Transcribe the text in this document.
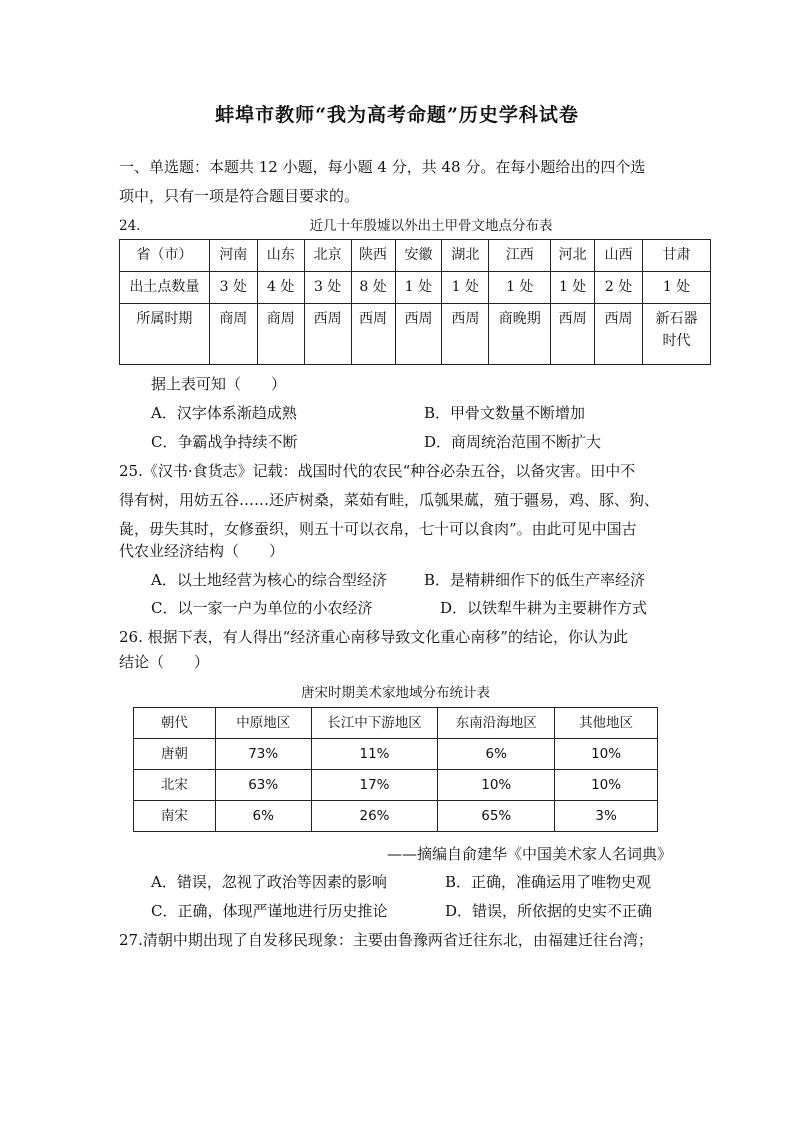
蚌埠市教师“我为高考命题”历史学科试卷
一、单选题：本题共 12 小题，每小题 4 分，共 48 分。在每小题给出的四个选
项中，只有一项是符合题目要求的。
24.	近几十年殷墟以外出土甲骨文地点分布表
省（市）	河南	山东	北京	陕西	安徽	湖北	江西	河北	山西	甘肃
出土点数量	3 处	4 处	3 处	8 处	1 处	1 处	1 处	1 处	2 处	1 处
所属时期	商周	商周	西周	西周	西周	西周	商晚期	西周	西周	新石器时代
据上表可知（　　）
A．汉字体系渐趋成熟	B．甲骨文数量不断增加
C．争霸战争持续不断	D．商周统治范围不断扩大
25.《汉书·食货志》记载：战国时代的农民“种谷必杂五谷，以备灾害。田中不
得有树，用妨五谷……还庐树桑，菜茹有畦，瓜瓠果蓏，殖于疆易，鸡、豚、狗、
彘，毋失其时，女修蚕织，则五十可以衣帛，七十可以食肉”。由此可见中国古
代农业经济结构（　　）
A．以土地经营为核心的综合型经济 B．是精耕细作下的低生产率经济
C．以一家一户为单位的小农经济	D．以铁犁牛耕为主要耕作方式
26. 根据下表，有人得出“经济重心南移导致文化重心南移”的结论，你认为此
结论（　　）
唐宋时期美术家地域分布统计表
朝代	中原地区	长江中下游地区	东南沿海地区	其他地区
唐朝	73%	11%	6%	10%
北宋	63%	17%	10%	10%
南宋	6%	26%	65%	3%
——摘编自俞建华《中国美术家人名词典》
A．错误，忽视了政治等因素的影响	B．正确，准确运用了唯物史观
C．正确，体现严谨地进行历史推论	D．错误，所依据的史实不正确
27.清朝中期出现了自发移民现象：主要由鲁豫两省迁往东北，由福建迁往台湾；
